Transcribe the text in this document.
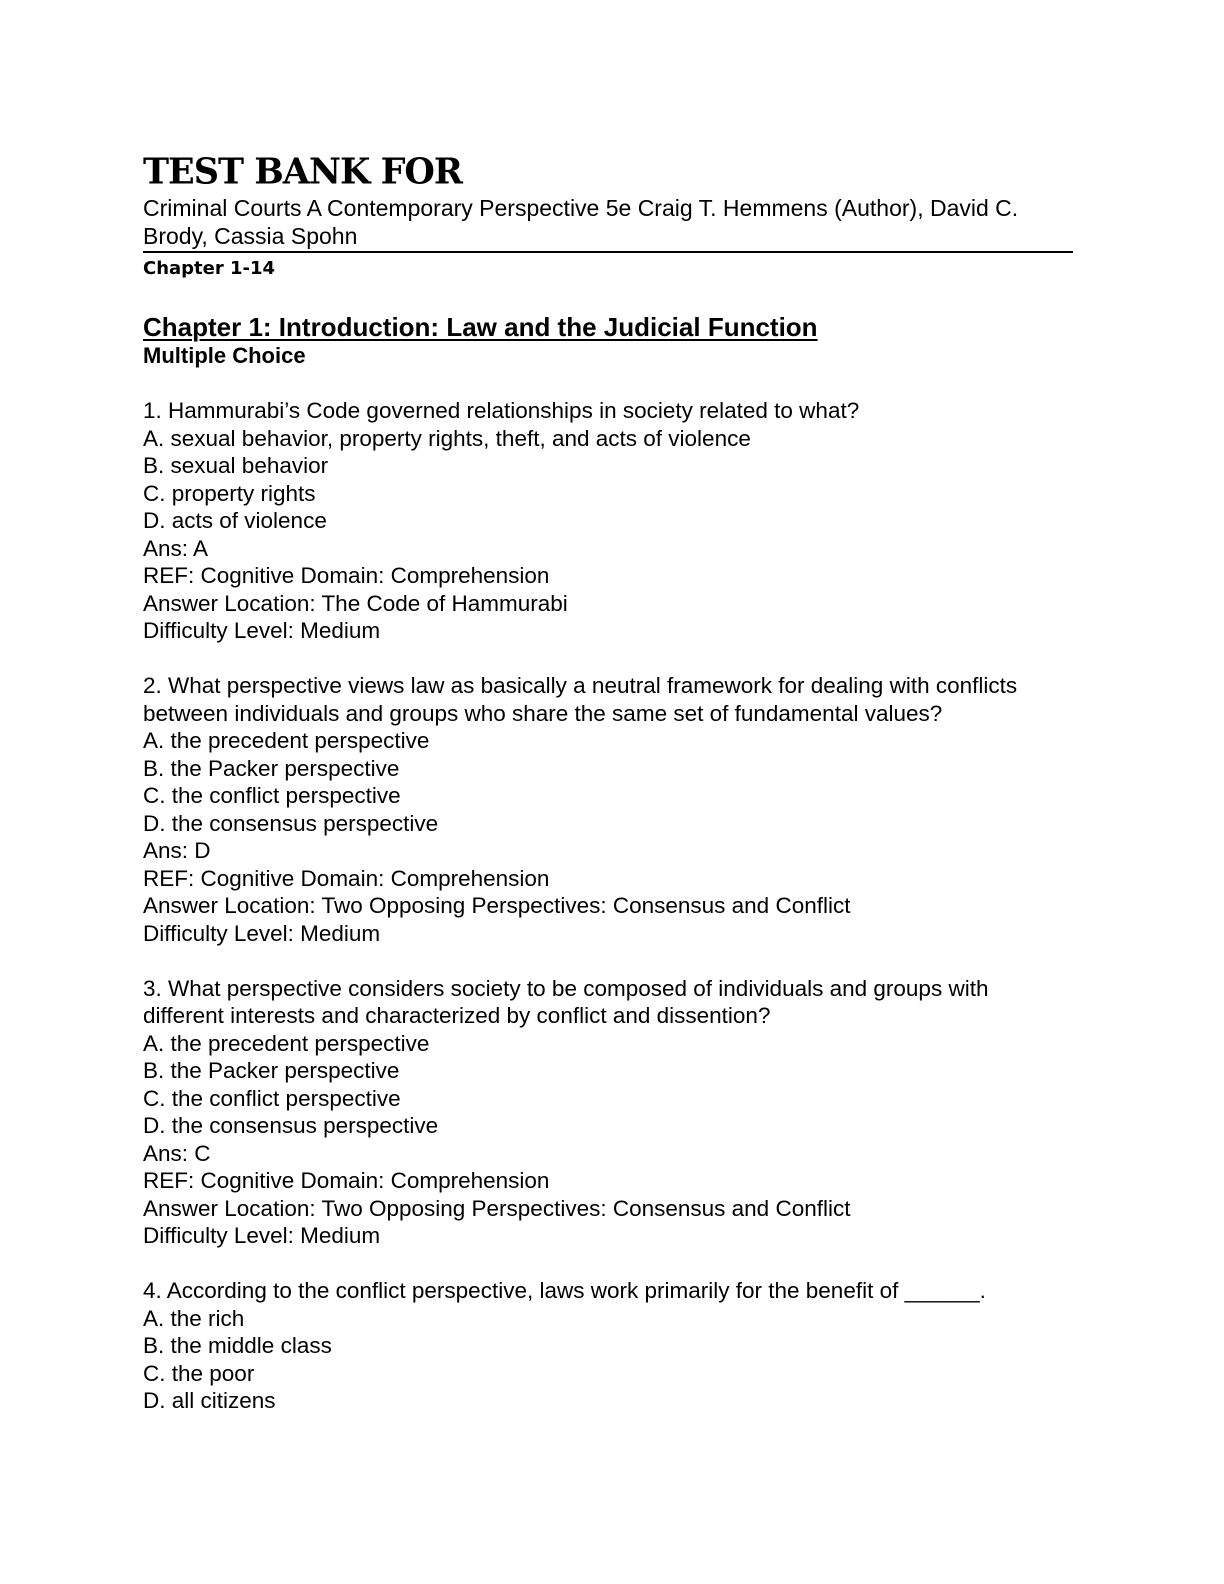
TEST BANK FOR
Criminal Courts A Contemporary Perspective 5e Craig T. Hemmens (Author), David C. Brody, Cassia Spohn
Chapter 1-14
Chapter 1: Introduction: Law and the Judicial Function
Multiple Choice
1. Hammurabi’s Code governed relationships in society related to what?
A. sexual behavior, property rights, theft, and acts of violence
B. sexual behavior
C. property rights
D. acts of violence
Ans: A
REF: Cognitive Domain: Comprehension
Answer Location: The Code of Hammurabi
Difficulty Level: Medium
2. What perspective views law as basically a neutral framework for dealing with conflicts between individuals and groups who share the same set of fundamental values?
A. the precedent perspective
B. the Packer perspective
C. the conflict perspective
D. the consensus perspective
Ans: D
REF: Cognitive Domain: Comprehension
Answer Location: Two Opposing Perspectives: Consensus and Conflict
Difficulty Level: Medium
3. What perspective considers society to be composed of individuals and groups with different interests and characterized by conflict and dissention?
A. the precedent perspective
B. the Packer perspective
C. the conflict perspective
D. the consensus perspective
Ans: C
REF: Cognitive Domain: Comprehension
Answer Location: Two Opposing Perspectives: Consensus and Conflict
Difficulty Level: Medium
4. According to the conflict perspective, laws work primarily for the benefit of ______.
A. the rich
B. the middle class
C. the poor
D. all citizens
